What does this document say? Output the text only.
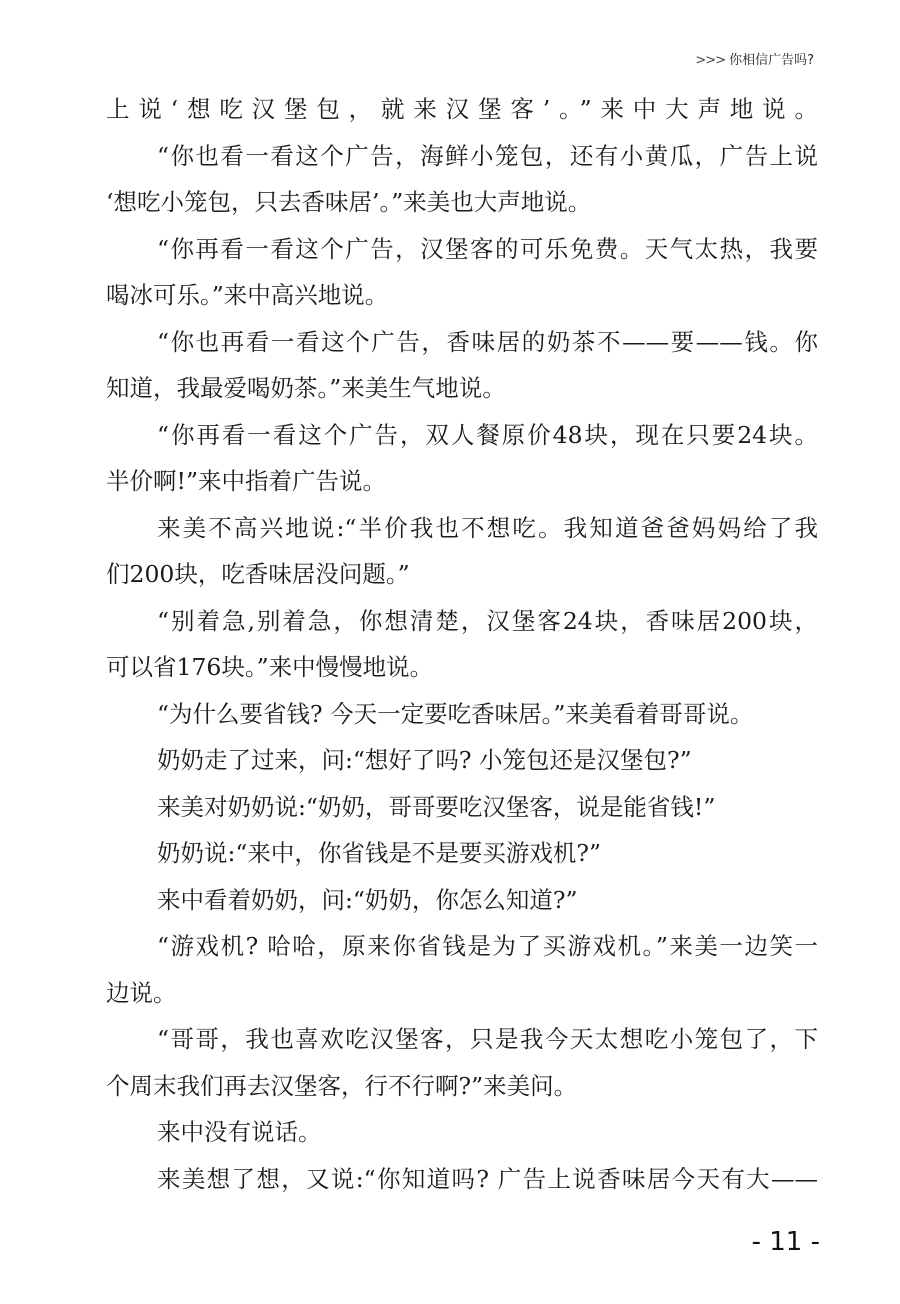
>>> 你相信广告吗?
上说‘想吃汉堡包，就来汉堡客’。”来中大声地说。
“你也看一看这个广告，海鲜小笼包，还有小黄瓜，广告上说
‘想吃小笼包，只去香味居’。”来美也大声地说。
“你再看一看这个广告，汉堡客的可乐免费。天气太热，我要
喝冰可乐。”来中高兴地说。
“你也再看一看这个广告，香味居的奶茶不——要——钱。你
知道，我最爱喝奶茶。”来美生气地说。
“你再看一看这个广告，双人餐原价48块，现在只要24块。
半价啊!”来中指着广告说。
来美不高兴地说:“半价我也不想吃。我知道爸爸妈妈给了我
们200块，吃香味居没问题。”
“别着急,别着急，你想清楚，汉堡客24块，香味居200块，
可以省176块。”来中慢慢地说。
“为什么要省钱? 今天一定要吃香味居。”来美看着哥哥说。
奶奶走了过来，问:“想好了吗? 小笼包还是汉堡包?”
来美对奶奶说:“奶奶，哥哥要吃汉堡客，说是能省钱!”
奶奶说:“来中，你省钱是不是要买游戏机?”
来中看着奶奶，问:“奶奶，你怎么知道?”
“游戏机? 哈哈，原来你省钱是为了买游戏机。”来美一边笑一
边说。
“哥哥，我也喜欢吃汉堡客，只是我今天太想吃小笼包了，下
个周末我们再去汉堡客，行不行啊?”来美问。
来中没有说话。
来美想了想，又说:“你知道吗? 广告上说香味居今天有大——
- 11 -
